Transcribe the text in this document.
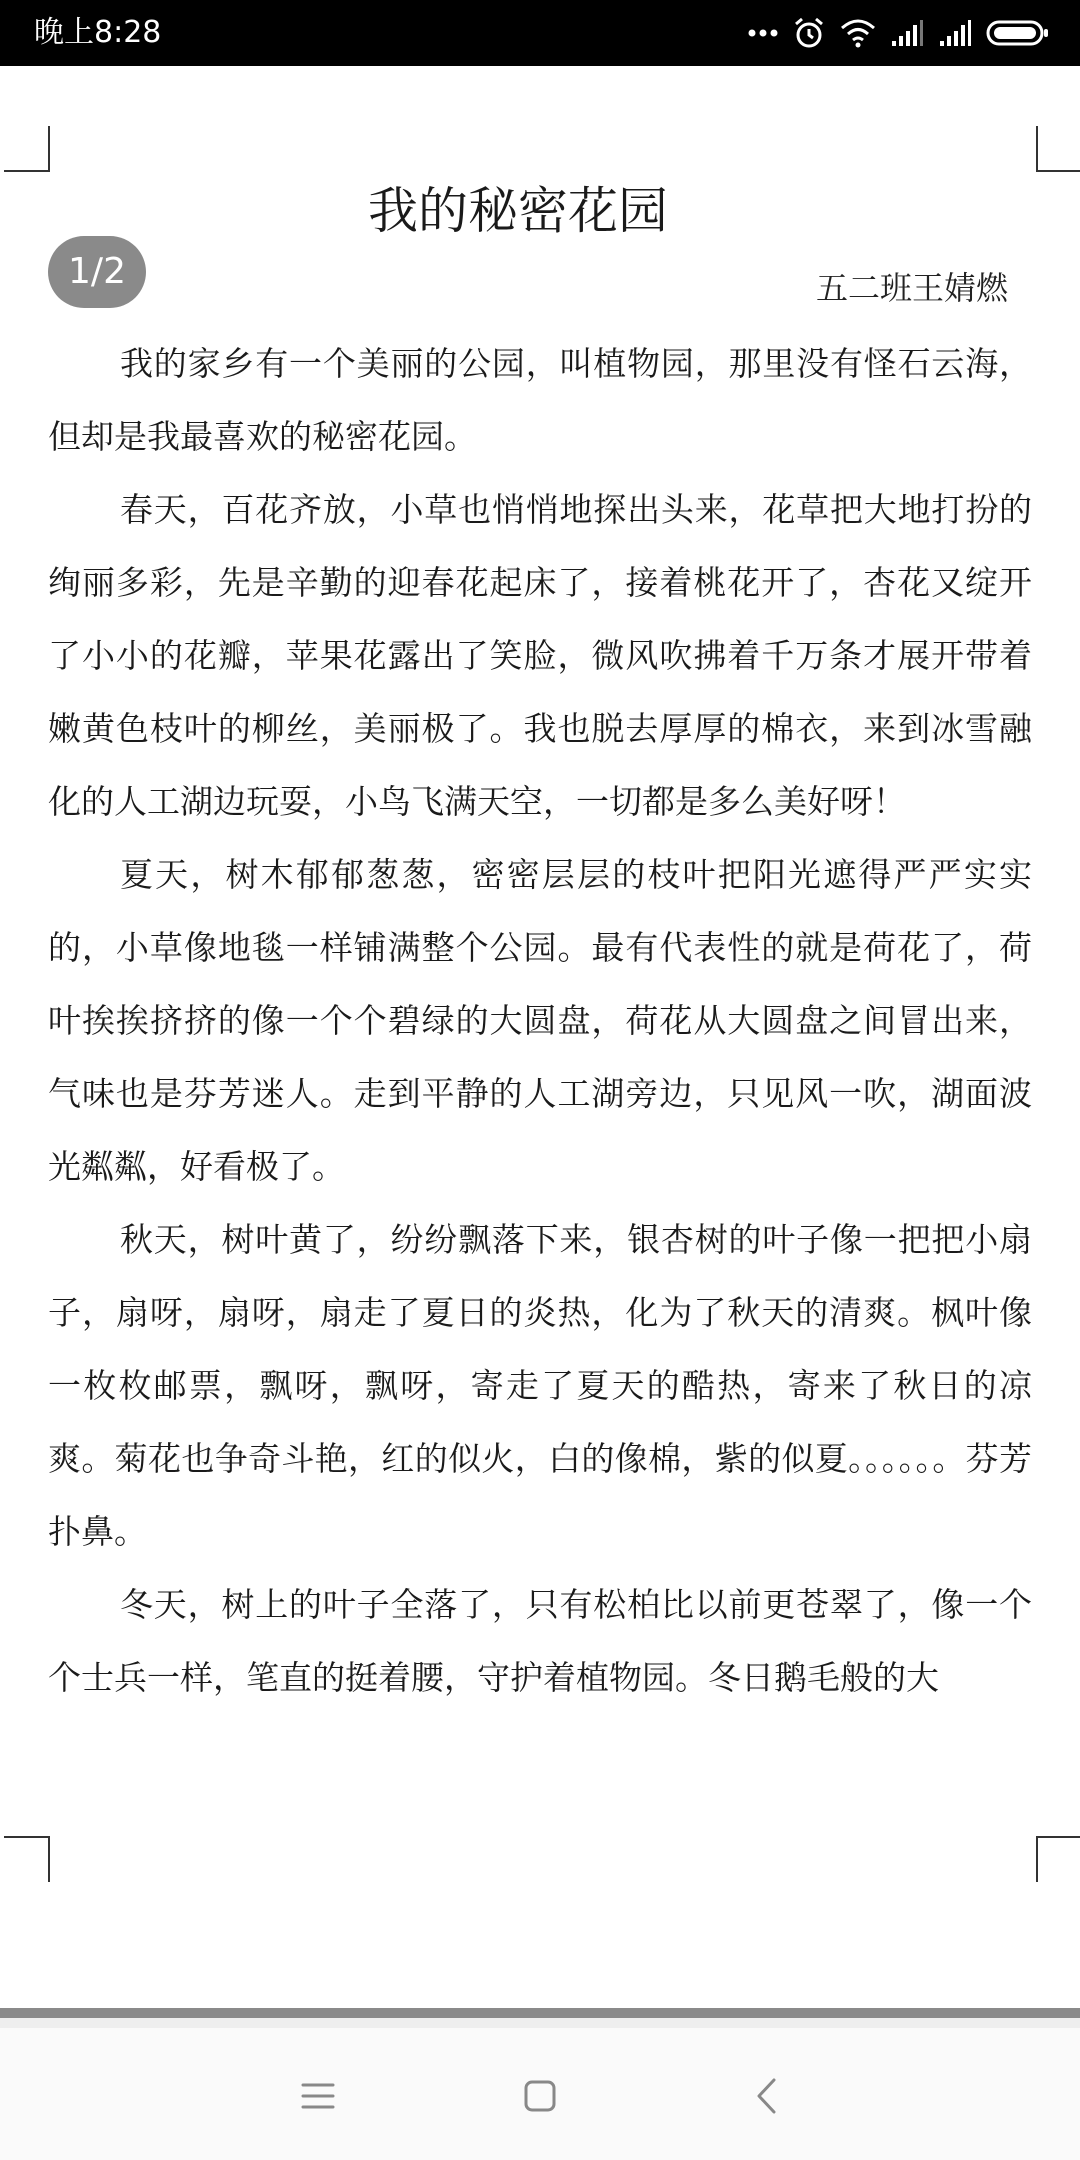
晚上8:28
我的秘密花园
1/2	五二班王婧燃

我的家乡有一个美丽的公园，叫植物园，那里没有怪石云海，但却是我最喜欢的秘密花园。

春天，百花齐放，小草也悄悄地探出头来，花草把大地打扮的绚丽多彩，先是辛勤的迎春花起床了，接着桃花开了，杏花又绽开了小小的花瓣，苹果花露出了笑脸，微风吹拂着千万条才展开带着嫩黄色枝叶的柳丝，美丽极了。我也脱去厚厚的棉衣，来到冰雪融化的人工湖边玩耍，小鸟飞满天空，一切都是多么美好呀！

夏天，树木郁郁葱葱，密密层层的枝叶把阳光遮得严严实实的，小草像地毯一样铺满整个公园。最有代表性的就是荷花了，荷叶挨挨挤挤的像一个个碧绿的大圆盘，荷花从大圆盘之间冒出来，气味也是芬芳迷人。走到平静的人工湖旁边，只见风一吹，湖面波光粼粼，好看极了。

秋天，树叶黄了，纷纷飘落下来，银杏树的叶子像一把把小扇子，扇呀，扇呀，扇走了夏日的炎热，化为了秋天的清爽。枫叶像一枚枚邮票，飘呀，飘呀，寄走了夏天的酷热，寄来了秋日的凉爽。菊花也争奇斗艳，红的似火，白的像棉，紫的似夏。。。。。。芬芳扑鼻。

冬天，树上的叶子全落了，只有松柏比以前更苍翠了，像一个个士兵一样，笔直的挺着腰，守护着植物园。冬日鹅毛般的大
